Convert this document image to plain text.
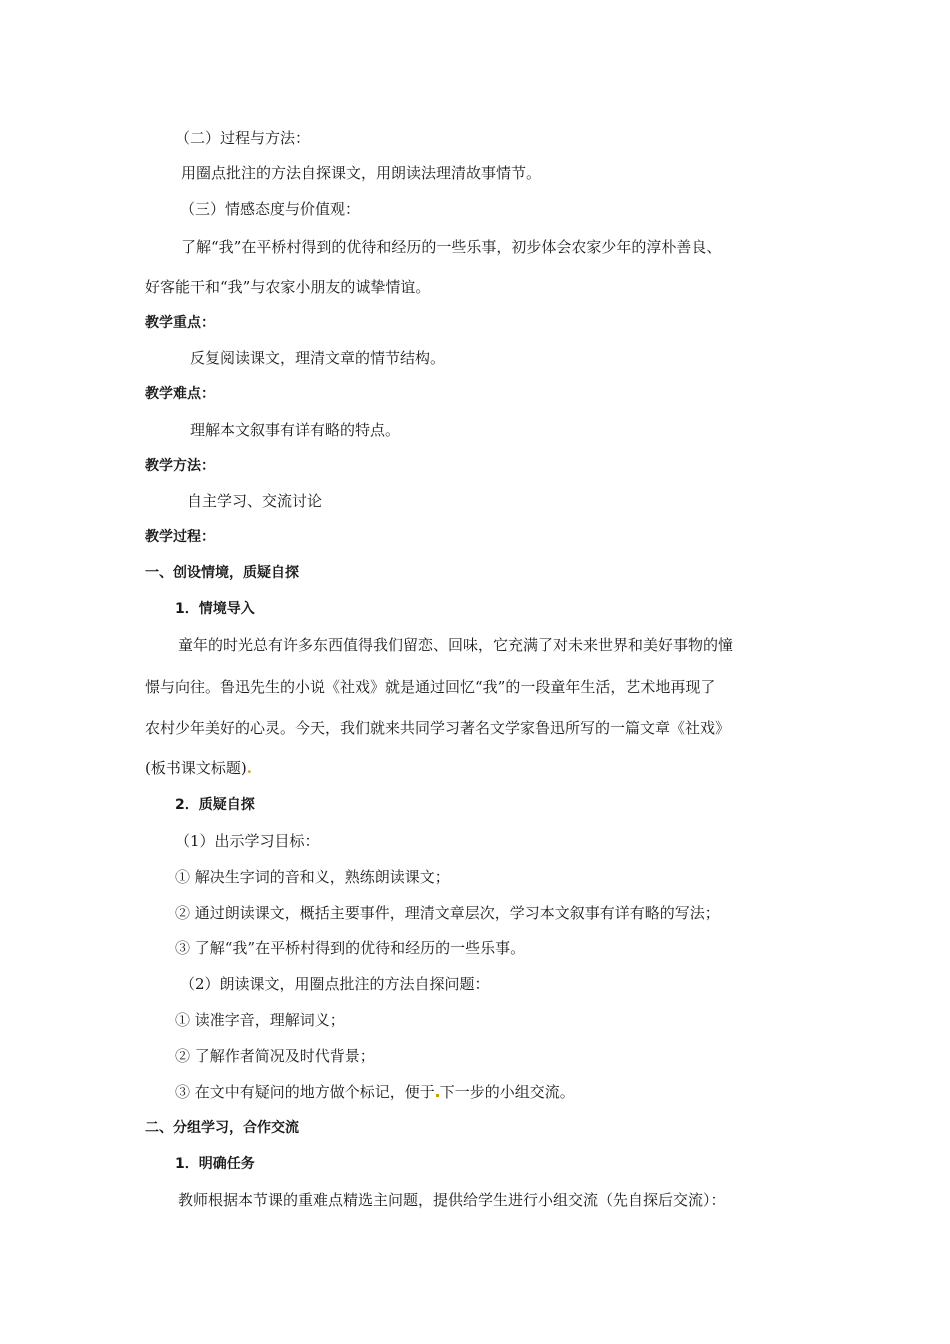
（二）过程与方法：
用圈点批注的方法自探课文，用朗读法理清故事情节。
（三）情感态度与价值观：
了解“我”在平桥村得到的优待和经历的一些乐事，初步体会农家少年的淳朴善良、
好客能干和“我”与农家小朋友的诚挚情谊。
教学重点：
反复阅读课文，理清文章的情节结构。
教学难点：
理解本文叙事有详有略的特点。
教学方法：
自主学习、交流讨论
教学过程：
一、创设情境，质疑自探
1．情境导入
童年的时光总有许多东西值得我们留恋、回味，它充满了对未来世界和美好事物的憧
憬与向往。鲁迅先生的小说《社戏》就是通过回忆“我”的一段童年生活，艺术地再现了
农村少年美好的心灵。今天，我们就来共同学习著名文学家鲁迅所写的一篇文章《社戏》
(板书课文标题).
2．质疑自探
（1）出示学习目标：
① 解决生字词的音和义，熟练朗读课文；
② 通过朗读课文，概括主要事件，理清文章层次，学习本文叙事有详有略的写法；
③ 了解“我”在平桥村得到的优待和经历的一些乐事。
（2）朗读课文，用圈点批注的方法自探问题：
① 读准字音，理解词义；
② 了解作者简况及时代背景；
③ 在文中有疑问的地方做个标记，便于 下一步的小组交流。
二、分组学习，合作交流
1．明确任务
教师根据本节课的重难点精选主问题，提供给学生进行小组交流（先自探后交流）：
